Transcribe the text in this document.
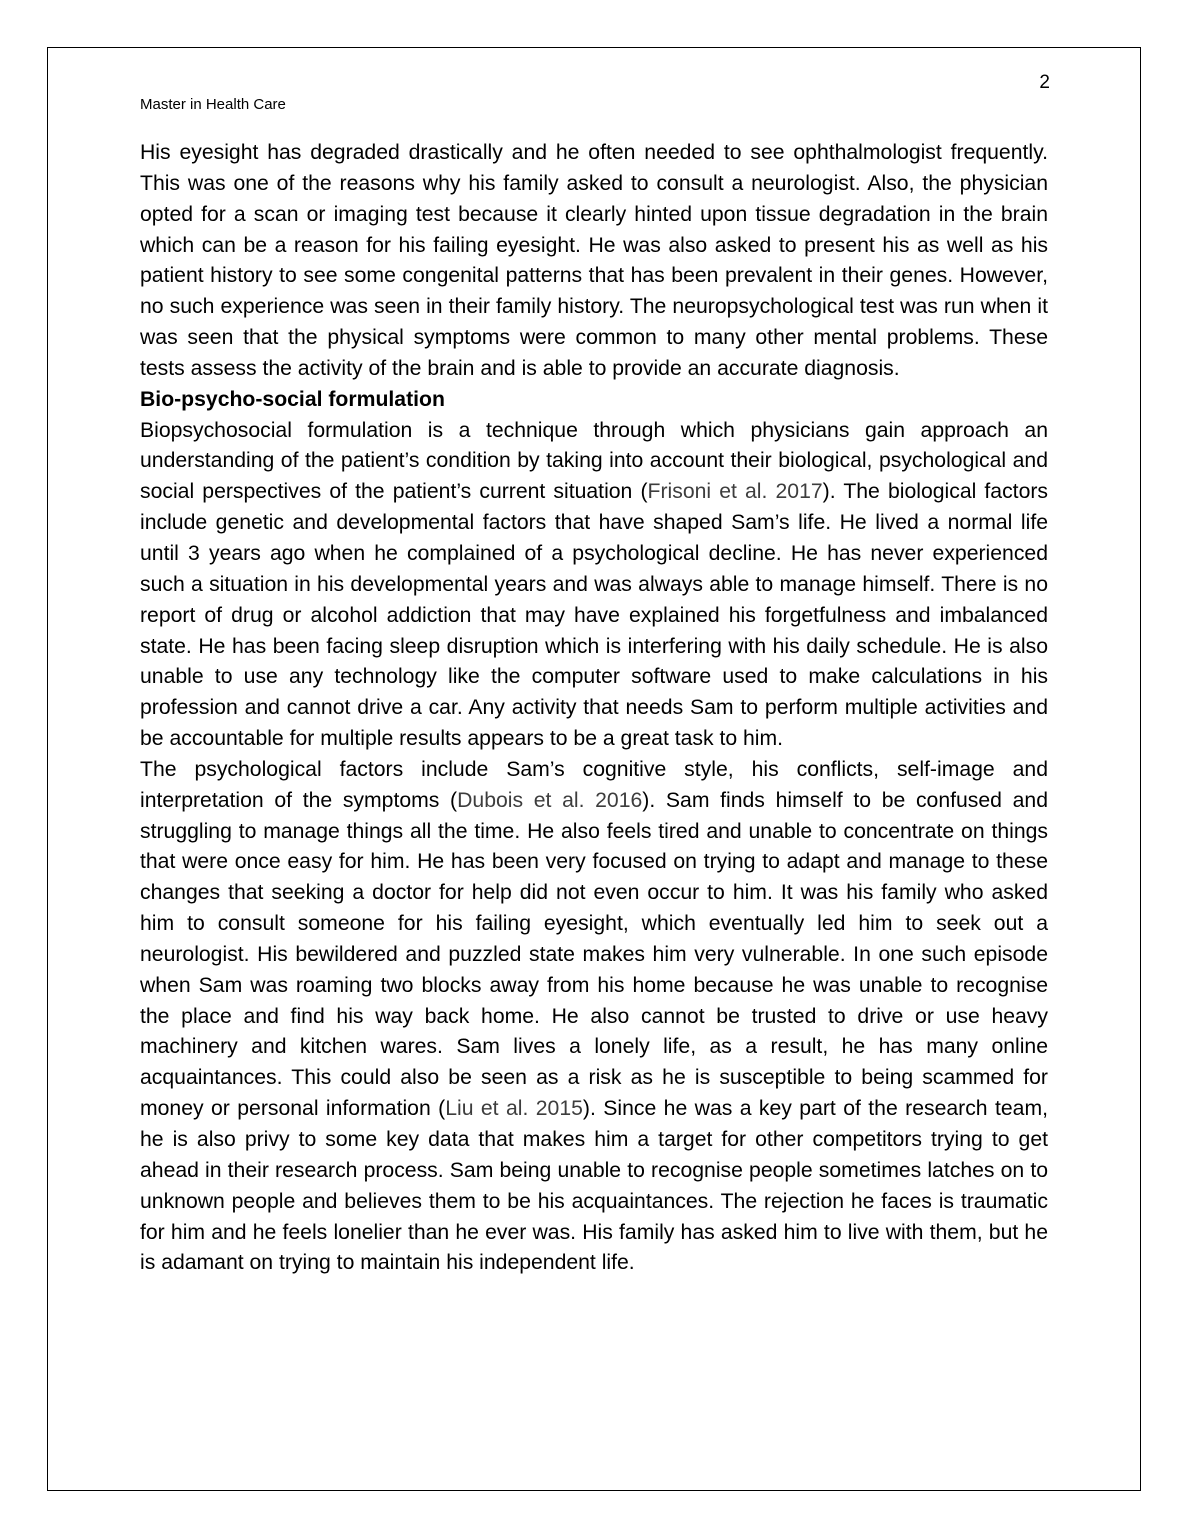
2
Master in Health Care

His eyesight has degraded drastically and he often needed to see ophthalmologist frequently. This was one of the reasons why his family asked to consult a neurologist. Also, the physician opted for a scan or imaging test because it clearly hinted upon tissue degradation in the brain which can be a reason for his failing eyesight. He was also asked to present his as well as his patient history to see some congenital patterns that has been prevalent in their genes. However, no such experience was seen in their family history. The neuropsychological test was run when it was seen that the physical symptoms were common to many other mental problems. These tests assess the activity of the brain and is able to provide an accurate diagnosis.

Bio-psycho-social formulation

Biopsychosocial formulation is a technique through which physicians gain approach an understanding of the patient’s condition by taking into account their biological, psychological and social perspectives of the patient’s current situation (Frisoni et al. 2017). The biological factors include genetic and developmental factors that have shaped Sam’s life. He lived a normal life until 3 years ago when he complained of a psychological decline. He has never experienced such a situation in his developmental years and was always able to manage himself. There is no report of drug or alcohol addiction that may have explained his forgetfulness and imbalanced state. He has been facing sleep disruption which is interfering with his daily schedule. He is also unable to use any technology like the computer software used to make calculations in his profession and cannot drive a car. Any activity that needs Sam to perform multiple activities and be accountable for multiple results appears to be a great task to him.

The psychological factors include Sam’s cognitive style, his conflicts, self-image and interpretation of the symptoms (Dubois et al. 2016). Sam finds himself to be confused and struggling to manage things all the time. He also feels tired and unable to concentrate on things that were once easy for him. He has been very focused on trying to adapt and manage to these changes that seeking a doctor for help did not even occur to him. It was his family who asked him to consult someone for his failing eyesight, which eventually led him to seek out a neurologist. His bewildered and puzzled state makes him very vulnerable. In one such episode when Sam was roaming two blocks away from his home because he was unable to recognise the place and find his way back home. He also cannot be trusted to drive or use heavy machinery and kitchen wares. Sam lives a lonely life, as a result, he has many online acquaintances. This could also be seen as a risk as he is susceptible to being scammed for money or personal information (Liu et al. 2015). Since he was a key part of the research team, he is also privy to some key data that makes him a target for other competitors trying to get ahead in their research process. Sam being unable to recognise people sometimes latches on to unknown people and believes them to be his acquaintances. The rejection he faces is traumatic for him and he feels lonelier than he ever was. His family has asked him to live with them, but he is adamant on trying to maintain his independent life.
